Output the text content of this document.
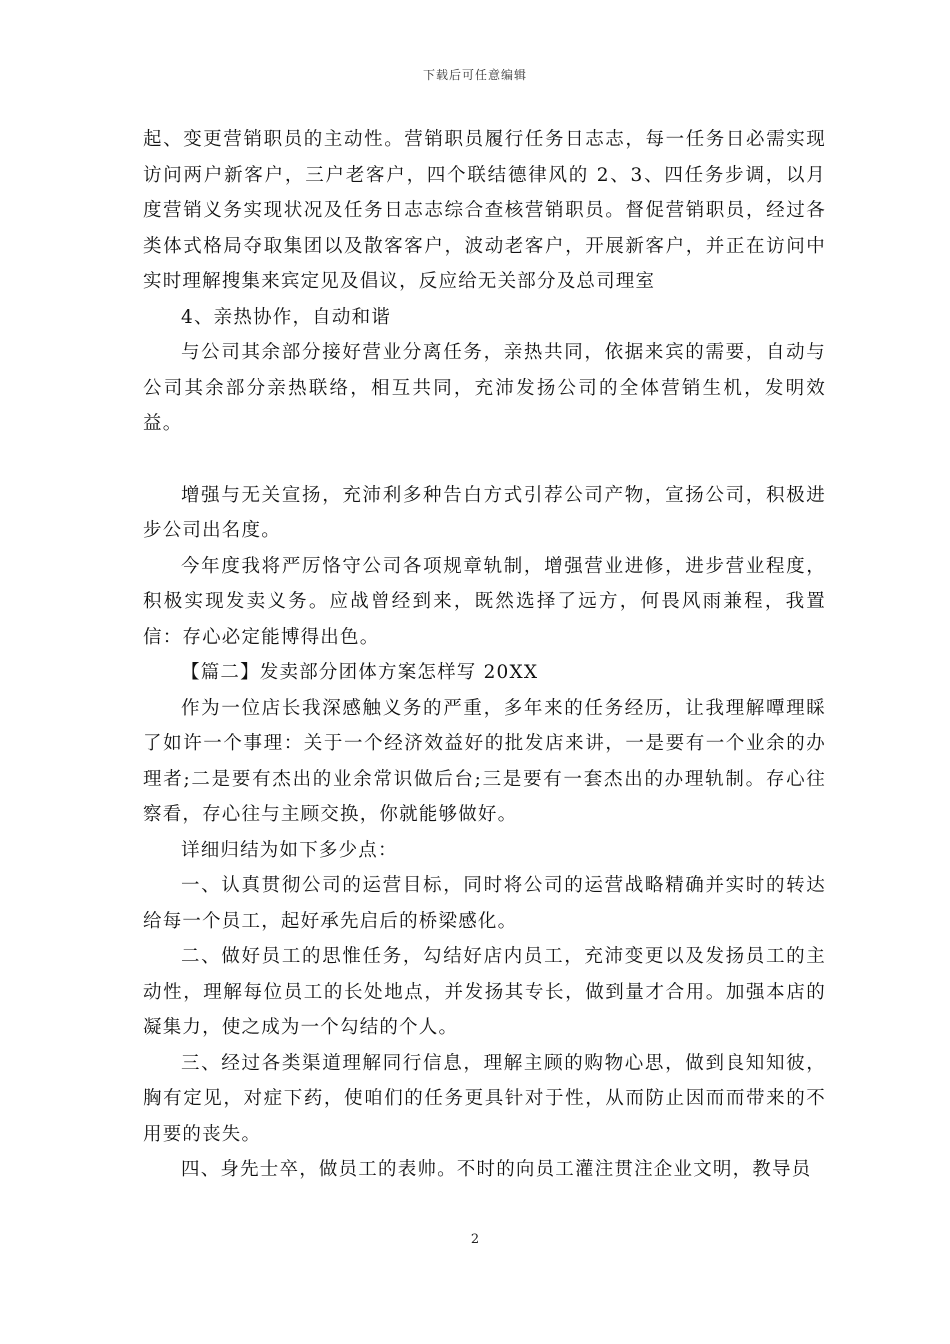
下载后可任意编辑

起、变更营销职员的主动性。营销职员履行任务日志志，每一任务日必需实现访问两户新客户，三户老客户，四个联结德律风的 2、3、四任务步调，以月度营销义务实现状况及任务日志志综合查核营销职员。督促营销职员，经过各类体式格局夺取集团以及散客客户，波动老客户，开展新客户，并正在访问中实时理解搜集来宾定见及倡议，反应给无关部分及总司理室

4、亲热协作，自动和谐

与公司其余部分接好营业分离任务，亲热共同，依据来宾的需要，自动与公司其余部分亲热联络，相互共同，充沛发扬公司的全体营销生机，发明效益。

增强与无关宣扬，充沛利多种告白方式引荐公司产物，宣扬公司，积极进步公司出名度。

今年度我将严厉恪守公司各项规章轨制，增强营业进修，进步营业程度，积极实现发卖义务。应战曾经到来，既然选择了远方，何畏风雨兼程，我置信：存心必定能博得出色。

【篇二】发卖部分团体方案怎样写 20XX

作为一位店长我深感触义务的严重，多年来的任务经历，让我理解嘾理睬了如许一个事理：关于一个经济效益好的批发店来讲，一是要有一个业余的办理者;二是要有杰出的业余常识做后台;三是要有一套杰出的办理轨制。存心往察看，存心往与主顾交换，你就能够做好。

详细归结为如下多少点：

一、认真贯彻公司的运营目标，同时将公司的运营战略精确并实时的转达给每一个员工，起好承先启后的桥梁感化。

二、做好员工的思惟任务，勾结好店内员工，充沛变更以及发扬员工的主动性，理解每位员工的长处地点，并发扬其专长，做到量才合用。加强本店的凝集力，使之成为一个勾结的个人。

三、经过各类渠道理解同行信息，理解主顾的购物心思，做到良知知彼，胸有定见，对症下药，使咱们的任务更具针对于性，从而防止因而而带来的不用要的丧失。

四、身先士卒，做员工的表帅。不时的向员工灌注贯注企业文明，教导员

2
